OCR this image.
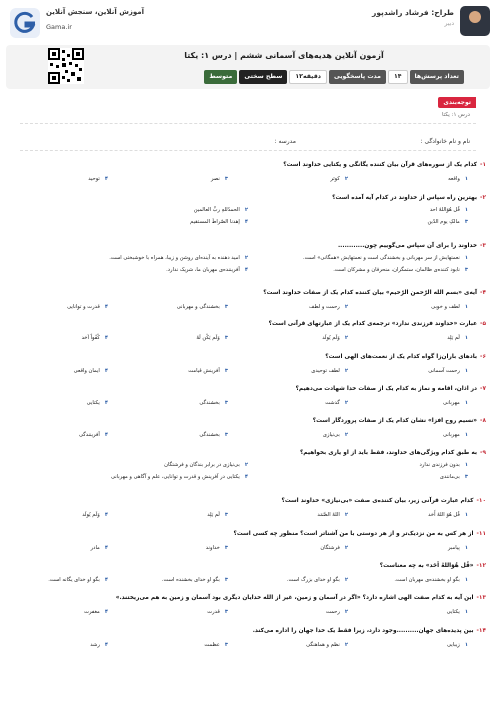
طراح: فرشاد راشدپور
دبیر
آموزش آنلاین، سنجش آنلاین
Gama.ir
آزمون آنلاین هدیه‌های آسمانی ششم | درس ۱: یکتا
تعداد پرسش‌ها
۱۴
مدت پاسخگویی
۱۲دقیقه
سطح سختی
متوسط
توجه‌بندی
درس ۱: یکتا
نام و نام خانوادگی :
مدرسه :
۱-کدام یک از سوره‌های قرآن بیان کننده یگانگی و یکتایی خداوند است؟
۱واقعه
۲کوثر
۳نصر
۴توحید
۲-بهترین راه سپاس از خداوند در کدام آیه آمده است؟
۱قُل هُوَاللهُ احد
۲الحمدُللهِ ربِّ العالمین
۳مالکِ یوم الدّین
۴إهدنا الصّراطَ المستقیم
۳-خداوند را برای آن سپاس می‌گوییم چون............
۱نعمتهایش از سر مهربانی و بخشندگی است و نعمتهایش «همگانی» است.
۲امید دهنده به آینده‌ای روشن و زیبا، همراه با خوشبختی است.
۳نابود کننده‌ی ظالمان، ستمگران، منحرفان و مشرکان است.
۴آفریننده‌ی مهربان ما، شریک ندارد.
۴-آیه‌ی «بسم الله الرّحمن الرّحیم» بیان کننده کدام یک از صفات خداوند است؟
۱لطف و خوبی
۲رحمت و لطف
۳بخشندگی و مهربانی
۴قدرت و توانایی
۵-عبارت «خداوند فرزندی ندارد» ترجمه‌ی کدام یک از عبارتهای قرآنی است؟
۱لَم یَلِد
۲وَلَم یُولَد
۳وَلَم یَکُن لَهُ
۴کُفُواً اَحَد
۶-بادهای باران‌زا گواه کدام یک از نعمت‌های الهی است؟
۱رحمت آسمانی
۲لطف توحیدی
۳آفرینش قیامت
۴ایمان واقعی
۷-در اذان، اقامه و نماز به کدام یک از صفات خدا شهادت می‌دهیم؟
۱مهربانی
۲گذشت
۳بخشندگی
۴یکتایی
۸-«نسیم روح افزا» نشان کدام یک از صفات پروردگار است؟
۱مهربانی
۲بی‌نیازی
۳بخشندگی
۴آفرینندگی
۹-به طبق کدام ویژگی‌های خداوند، فقط باید از او یاری بخواهیم؟
۱بدون فرزندی ندارد
۲بی‌نیازی در برابر بندگان و فرشتگان
۳بی‌مانندی
۴یکتایی در آفرینش و قدرت و توانایی، علم و آگاهی و مهربانی
۱۰-کدام عبارت قرآنی زیر، بیان کننده‌ی صفت «بی‌نیازی» خداوند است؟
۱قُل هُوَ اللهُ أَحَد
۲اللهُ الصَّمَد
۳لَم یَلِد
۴وَلَم یُولَد
۱۱-از هر کس به من نزدیک‌تر و از هر دوستی با من آشناتر است؟ منظور چه کسی است؟
۱پیامبر
۲فرشتگان
۳خداوند
۴مادر
۱۲-«قُل هُوَاللهُ اَحَد» به چه معناست؟
۱بگو او بخشنده‌ی مهربان است.
۲بگو او خدای بزرگ است.
۳بگو او خدای بخشنده است.
۴بگو او خدای یگانه است.
۱۳-این آیه به کدام صفت الهی اشاره دارد؟ «اگر در آسمان و زمین، غیر از الله خدایان دیگری بود آسمان و زمین به هم می‌ریختند.»
۱یکتایی
۲رحمت
۳قدرت
۴مغفرت
۱۴-بین پدیده‌های جهان..........وجود دارد، زیرا فقط یک خدا جهان را اداره می‌کند.
۱زیبایی
۲نظم و هماهنگی
۳عظمت
۴رشد
